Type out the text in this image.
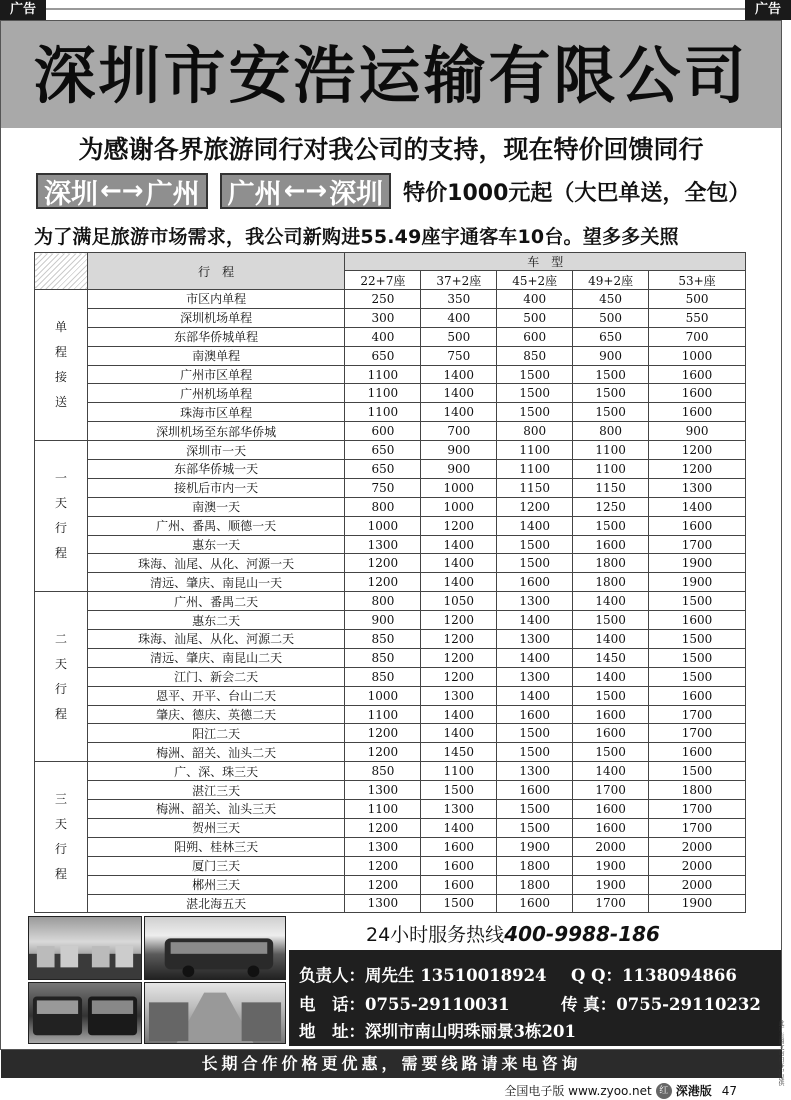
广告	广告
深圳市安浩运输有限公司
为感谢各界旅游同行对我公司的支持，现在特价回馈同行
深圳 ←→ 广州 广州 ←→ 深圳 特价1000元起（大巴单送，全包）
为了满足旅游市场需求，我公司新购进55.49座宇通客车10台。望多多关照
	行　程	车　型				
		22+7座	37+2座	45+2座	49+2座	53+座

单
程
接
送	市区内单程	250	350	400	450	500
	深圳机场单程	300	400	500	500	550
	东部华侨城单程	400	500	600	650	700
	南澳单程	650	750	850	900	1000
	广州市区单程	1100	1400	1500	1500	1600
	广州机场单程	1100	1400	1500	1500	1600
	珠海市区单程	1100	1400	1500	1500	1600
	深圳机场至东部华侨城	600	700	800	800	900

一
天
行
程	深圳市一天	650	900	1100	1100	1200
	东部华侨城一天	650	900	1100	1100	1200
	接机后市内一天	750	1000	1150	1150	1300
	南澳一天	800	1000	1200	1250	1400
	广州、番禺、顺德一天	1000	1200	1400	1500	1600
	惠东一天	1300	1400	1500	1600	1700
	珠海、汕尾、从化、河源一天	1200	1400	1500	1800	1900
	清远、肇庆、南昆山一天	1200	1400	1600	1800	1900

二
天
行
程	广州、番禺二天	800	1050	1300	1400	1500
	惠东二天	900	1200	1400	1500	1600
	珠海、汕尾、从化、河源二天	850	1200	1300	1400	1500
	清远、肇庆、南昆山二天	850	1200	1400	1450	1500
	江门、新会二天	850	1200	1300	1400	1500
	恩平、开平、台山二天	1000	1300	1400	1500	1600
	肇庆、德庆、英德二天	1100	1400	1600	1600	1700
	阳江二天	1200	1400	1500	1600	1700
	梅洲、韶关、汕头二天	1200	1450	1500	1500	1600

三
天
行
程	广、深、珠三天	850	1100	1300	1400	1500
	湛江三天	1300	1500	1600	1700	1800
	梅洲、韶关、汕头三天	1100	1300	1500	1600	1700
	贺州三天	1200	1400	1500	1600	1700
	阳朔、桂林三天	1300	1600	1900	2000	2000
	厦门三天	1200	1600	1800	1900	2000
	郴州三天	1200	1600	1800	1900	2000
	湛北海五天	1300	1500	1600	1700	1900
24小时服务热线400-9988-186
负责人：周先生 13510018924 Q Q：1138094866
电　话：0755-29110031	传 真：0755-29110232
地　址：深圳市南山明珠丽景3栋201
长期合作价格更优惠，需要线路请来电咨询
全国电子版 www.zyoo.net 红 深港版 47
此广告图文均由客户提供
